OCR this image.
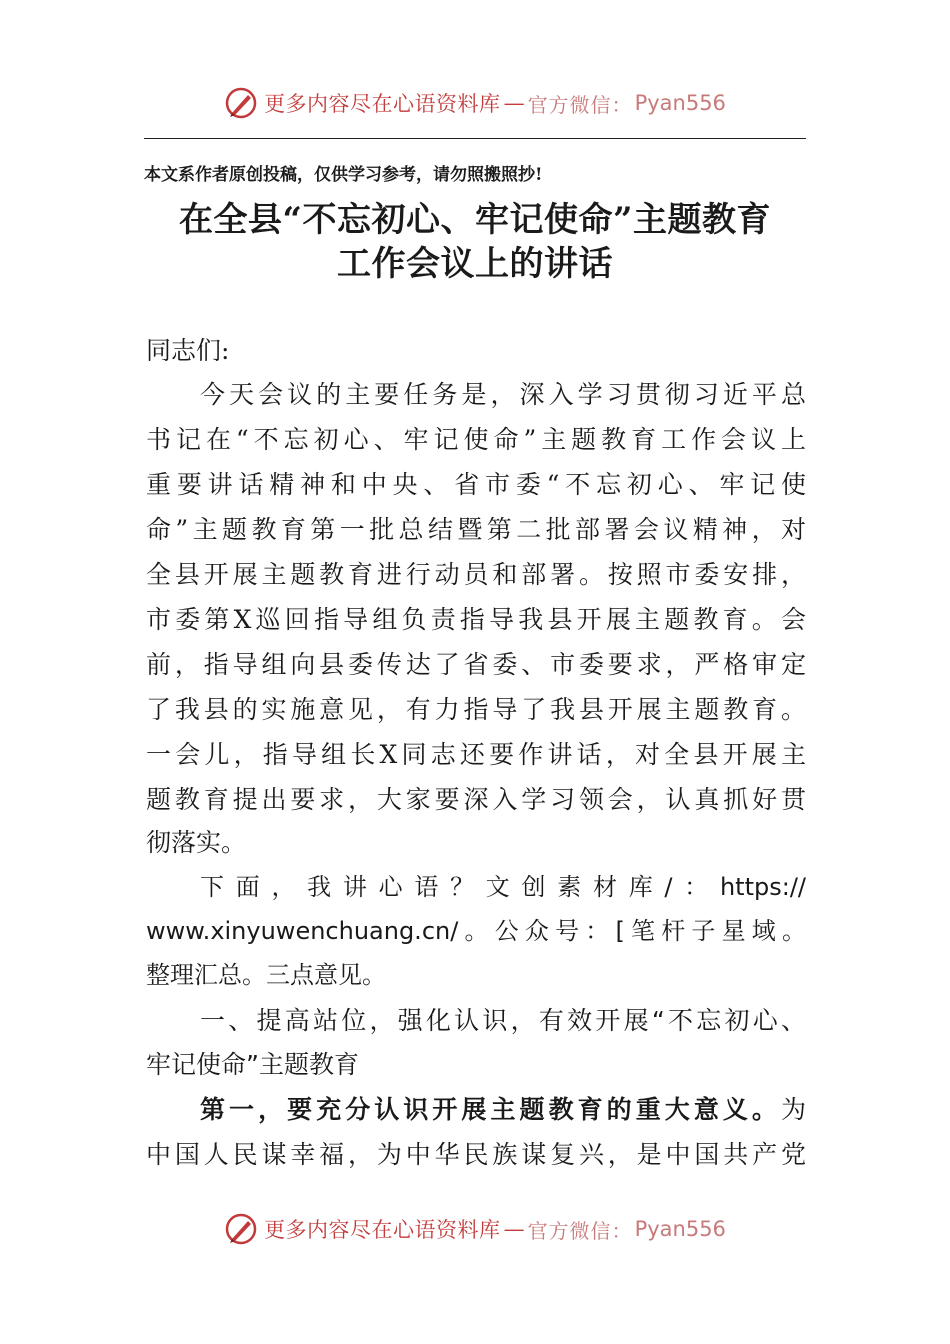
更多内容尽在心语资料库 — 官方微信： Pyan556
本文系作者原创投稿，仅供学习参考，请勿照搬照抄!
在全县“不忘初心、牢记使命”主题教育
工作会议上的讲话
同志们:
今天会议的主要任务是，深入学习贯彻习近平总
书记在“不忘初心、牢记使命”主题教育工作会议上
重要讲话精神和中央、省市委“不忘初心、牢记使
命”主题教育第一批总结暨第二批部署会议精神，对
全县开展主题教育进行动员和部署。按照市委安排，
市委第X巡回指导组负责指导我县开展主题教育。会
前，指导组向县委传达了省委、市委要求，严格审定
了我县的实施意见，有力指导了我县开展主题教育。
一会儿，指导组长X同志还要作讲话，对全县开展主
题教育提出要求，大家要深入学习领会，认真抓好贯
彻落实。
下面，我讲心语？文创素材库/：https://
www.xinyuwenchuang.cn/。公众号：[笔杆子星域。
整理汇总。三点意见。
一、提高站位，强化认识，有效开展“不忘初心、
牢记使命”主题教育
第一，要充分认识开展主题教育的重大意义。为
中国人民谋幸福，为中华民族谋复兴，是中国共产党
更多内容尽在心语资料库 — 官方微信： Pyan556
